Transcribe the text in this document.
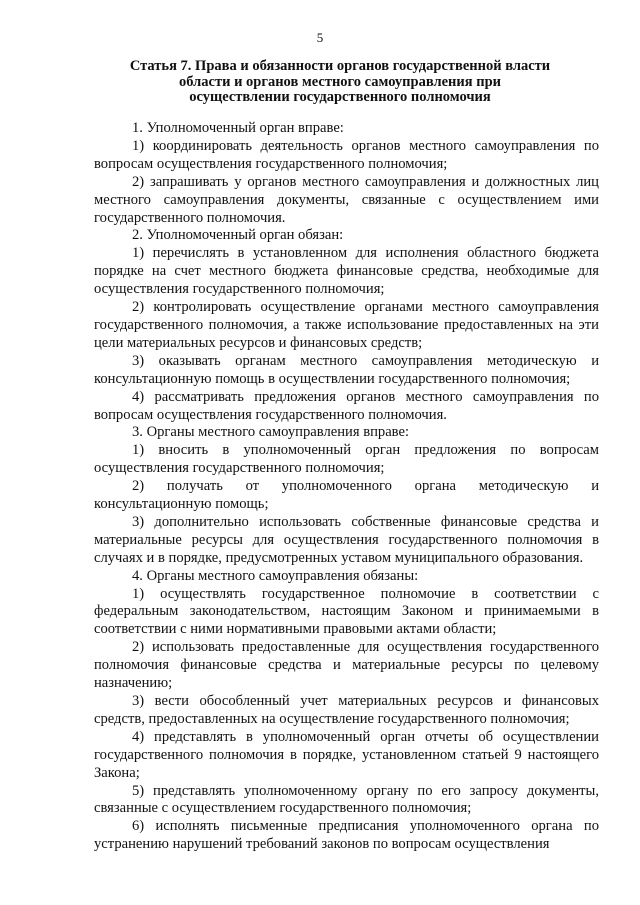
5
Статья 7. Права и обязанности органов государственной власти
области и органов местного самоуправления при
осуществлении государственного полномочия

1. Уполномоченный орган вправе:

1) координировать деятельность органов местного самоуправления по вопросам осуществления государственного полномочия;

2) запрашивать у органов местного самоуправления и должностных лиц местного самоуправления документы, связанные с осуществлением ими государственного полномочия.

2. Уполномоченный орган обязан:

1) перечислять в установленном для исполнения областного бюджета порядке на счет местного бюджета финансовые средства, необходимые для осуществления государственного полномочия;

2) контролировать осуществление органами местного самоуправления государственного полномочия, а также использование предоставленных на эти цели материальных ресурсов и финансовых средств;

3) оказывать органам местного самоуправления методическую и консультационную помощь в осуществлении государственного полномочия;

4) рассматривать предложения органов местного самоуправления по вопросам осуществления государственного полномочия.

3. Органы местного самоуправления вправе:

1) вносить в уполномоченный орган предложения по вопросам осуществления государственного полномочия;

2) получать от уполномоченного органа методическую и консультационную помощь;

3) дополнительно использовать собственные финансовые средства и материальные ресурсы для осуществления государственного полномочия в случаях и в порядке, предусмотренных уставом муниципального образования.

4. Органы местного самоуправления обязаны:

1) осуществлять государственное полномочие в соответствии с федеральным законодательством, настоящим Законом и принимаемыми в соответствии с ними нормативными правовыми актами области;

2) использовать предоставленные для осуществления государственного полномочия финансовые средства и материальные ресурсы по целевому назначению;

3) вести обособленный учет материальных ресурсов и финансовых средств, предоставленных на осуществление государственного полномочия;

4) представлять в уполномоченный орган отчеты об осуществлении государственного полномочия в порядке, установленном статьей 9 настоящего Закона;

5) представлять уполномоченному органу по его запросу документы, связанные с осуществлением государственного полномочия;

6) исполнять письменные предписания уполномоченного органа по устранению нарушений требований законов по вопросам осуществления
